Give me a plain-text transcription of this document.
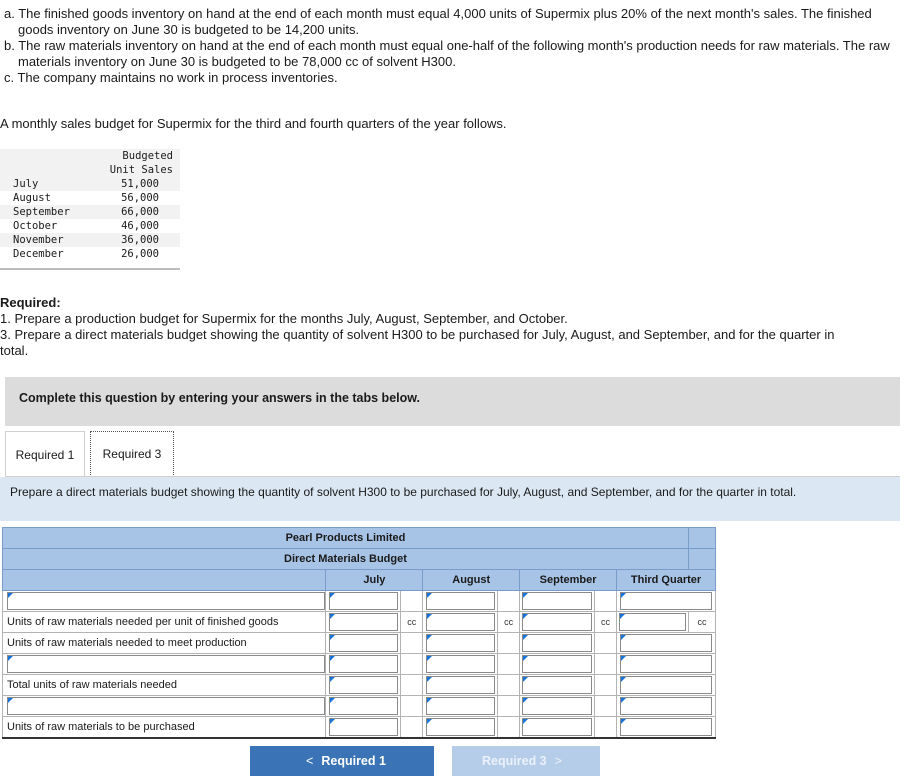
a. The finished goods inventory on hand at the end of each month must equal 4,000 units of Supermix plus 20% of the next month's sales. The finished goods inventory on June 30 is budgeted to be 14,200 units.
b. The raw materials inventory on hand at the end of each month must equal one-half of the following month's production needs for raw materials. The raw materials inventory on June 30 is budgeted to be 78,000 cc of solvent H300.
c. The company maintains no work in process inventories.
A monthly sales budget for Supermix for the third and fourth quarters of the year follows.
Budgeted	
Unit Sales	
July	51,000
August	56,000
September	66,000
October	46,000
November	36,000
December	26,000

Required:
1. Prepare a production budget for Supermix for the months July, August, September, and October.
3. Prepare a direct materials budget showing the quantity of solvent H300 to be purchased for July, August, and September, and for the quarter in total.
Complete this question by entering your answers in the tabs below.
Required 1	Required 3
Prepare a direct materials budget showing the quantity of solvent H300 to be purchased for July, August, and September, and for the quarter in total.
Pearl Products Limited								
Direct Materials Budget								
	July		August		September		Third Quarter	

Units of raw materials needed per unit of finished goods		cc		cc		cc		cc
Units of raw materials needed to meet production		

Total units of raw materials needed		

Units of raw materials to be purchased		

< Required 1	Required 3 >
